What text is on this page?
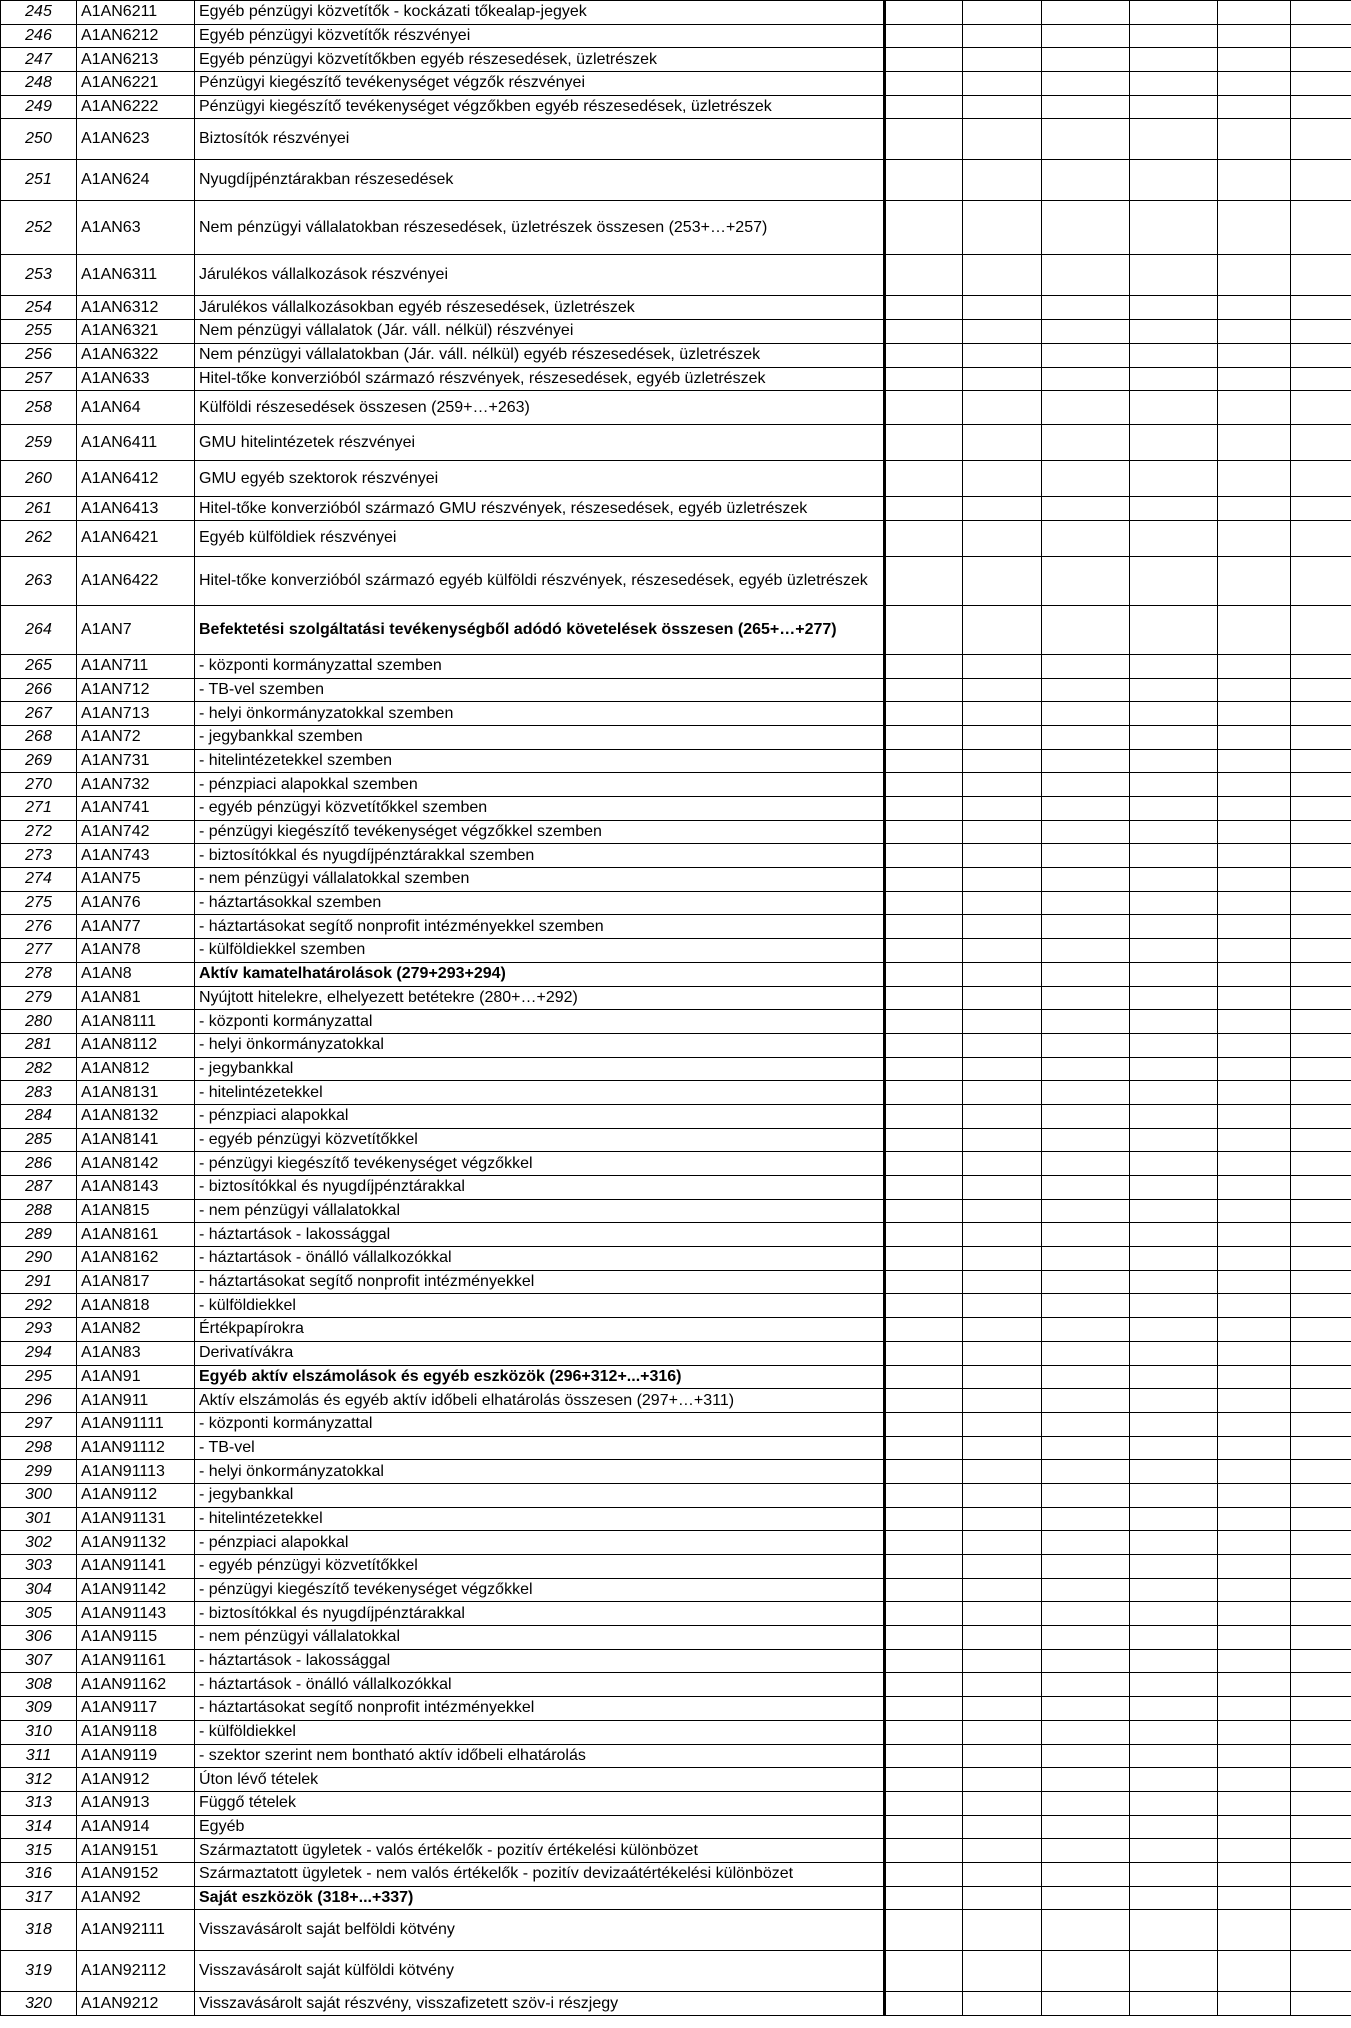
245	A1AN6211	Egyéb pénzügyi közvetítők - kockázati tőkealap-jegyek							
246	A1AN6212	Egyéb pénzügyi közvetítők részvényei							
247	A1AN6213	Egyéb pénzügyi közvetítőkben egyéb részesedések, üzletrészek							
248	A1AN6221	Pénzügyi kiegészítő tevékenységet végzők részvényei							
249	A1AN6222	Pénzügyi kiegészítő tevékenységet végzőkben egyéb részesedések, üzletrészek							
250	A1AN623	Biztosítók részvényei							
251	A1AN624	Nyugdíjpénztárakban részesedések							
252	A1AN63	Nem pénzügyi vállalatokban részesedések, üzletrészek összesen (253+…+257)							
253	A1AN6311	Járulékos vállalkozások részvényei							
254	A1AN6312	Járulékos vállalkozásokban egyéb részesedések, üzletrészek							
255	A1AN6321	Nem pénzügyi vállalatok (Jár. váll. nélkül) részvényei							
256	A1AN6322	Nem pénzügyi vállalatokban (Jár. váll. nélkül) egyéb részesedések, üzletrészek							
257	A1AN633	Hitel-tőke konverzióból származó részvények, részesedések, egyéb üzletrészek							
258	A1AN64	Külföldi részesedések összesen (259+…+263)							
259	A1AN6411	GMU hitelintézetek részvényei							
260	A1AN6412	GMU egyéb szektorok részvényei							
261	A1AN6413	Hitel-tőke konverzióból származó GMU részvények, részesedések, egyéb üzletrészek							
262	A1AN6421	Egyéb külföldiek részvényei							
263	A1AN6422	Hitel-tőke konverzióból származó egyéb külföldi részvények, részesedések, egyéb üzletrészek							
264	A1AN7	Befektetési szolgáltatási tevékenységből adódó követelések összesen (265+…+277)							
265	A1AN711	- központi kormányzattal szemben							
266	A1AN712	- TB-vel szemben							
267	A1AN713	- helyi önkormányzatokkal szemben							
268	A1AN72	- jegybankkal szemben							
269	A1AN731	- hitelintézetekkel szemben							
270	A1AN732	- pénzpiaci alapokkal szemben							
271	A1AN741	- egyéb pénzügyi közvetítőkkel szemben							
272	A1AN742	- pénzügyi kiegészítő tevékenységet végzőkkel szemben							
273	A1AN743	- biztosítókkal és nyugdíjpénztárakkal szemben							
274	A1AN75	- nem pénzügyi vállalatokkal szemben							
275	A1AN76	- háztartásokkal szemben							
276	A1AN77	- háztartásokat segítő nonprofit intézményekkel szemben							
277	A1AN78	- külföldiekkel szemben							
278	A1AN8	Aktív kamatelhatárolások (279+293+294)							
279	A1AN81	Nyújtott hitelekre, elhelyezett betétekre (280+…+292)							
280	A1AN8111	- központi kormányzattal							
281	A1AN8112	- helyi önkormányzatokkal							
282	A1AN812	- jegybankkal							
283	A1AN8131	- hitelintézetekkel							
284	A1AN8132	- pénzpiaci alapokkal							
285	A1AN8141	- egyéb pénzügyi közvetítőkkel							
286	A1AN8142	- pénzügyi kiegészítő tevékenységet végzőkkel							
287	A1AN8143	- biztosítókkal és nyugdíjpénztárakkal							
288	A1AN815	- nem pénzügyi vállalatokkal							
289	A1AN8161	- háztartások - lakossággal							
290	A1AN8162	- háztartások - önálló vállalkozókkal							
291	A1AN817	- háztartásokat segítő nonprofit intézményekkel							
292	A1AN818	- külföldiekkel							
293	A1AN82	Értékpapírokra							
294	A1AN83	Derivatívákra							
295	A1AN91	Egyéb aktív elszámolások és egyéb eszközök (296+312+...+316)							
296	A1AN911	Aktív elszámolás és egyéb aktív időbeli elhatárolás összesen (297+…+311)							
297	A1AN91111	- központi kormányzattal							
298	A1AN91112	- TB-vel							
299	A1AN91113	- helyi önkormányzatokkal							
300	A1AN9112	- jegybankkal							
301	A1AN91131	- hitelintézetekkel							
302	A1AN91132	- pénzpiaci alapokkal							
303	A1AN91141	- egyéb pénzügyi közvetítőkkel							
304	A1AN91142	- pénzügyi kiegészítő tevékenységet végzőkkel							
305	A1AN91143	- biztosítókkal és nyugdíjpénztárakkal							
306	A1AN9115	- nem pénzügyi vállalatokkal							
307	A1AN91161	- háztartások - lakossággal							
308	A1AN91162	- háztartások - önálló vállalkozókkal							
309	A1AN9117	- háztartásokat segítő nonprofit intézményekkel							
310	A1AN9118	- külföldiekkel							
311	A1AN9119	- szektor szerint nem bontható aktív időbeli elhatárolás							
312	A1AN912	Úton lévő tételek							
313	A1AN913	Függő tételek							
314	A1AN914	Egyéb							
315	A1AN9151	Származtatott ügyletek - valós értékelők - pozitív értékelési különbözet							
316	A1AN9152	Származtatott ügyletek - nem valós értékelők - pozitív devizaátértékelési különbözet							
317	A1AN92	Saját eszközök (318+...+337)							
318	A1AN92111	Visszavásárolt saját belföldi kötvény							
319	A1AN92112	Visszavásárolt saját külföldi kötvény							
320	A1AN9212	Visszavásárolt saját részvény, visszafizetett szöv-i részjegy							
